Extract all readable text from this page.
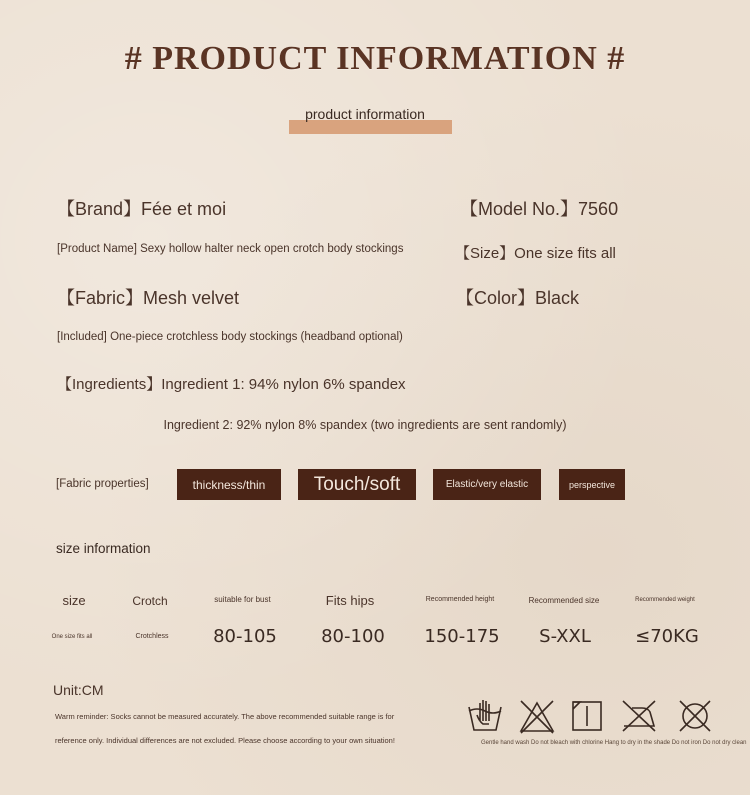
# PRODUCT INFORMATION #
product information
【Brand】Fée et moi	【Model No.】7560
[Product Name] Sexy hollow halter neck open crotch body stockings	【Size】One size fits all
【Fabric】Mesh velvet	【Color】Black
[Included] One-piece crotchless body stockings (headband optional)
【Ingredients】Ingredient 1: 94% nylon 6% spandex
Ingredient 2: 92% nylon 8% spandex (two ingredients are sent randomly)
[Fabric properties]	thickness/thin	Touch/soft	Elastic/very elastic	perspective
size information
size	Crotch	suitable for bust	Fits hips	Recommended height	Recommended size	Recommended weight
One size fits all	Crotchless	80-105	80-100	150-175	S-XXL	≤70KG
Unit:CM
Warm reminder: Socks cannot be measured accurately. The above recommended suitable range is for
reference only. Individual differences are not excluded. Please choose according to your own situation!	Gentle hand wash Do not bleach with chlorine Hang to dry in the shade Do not iron Do not dry clean
